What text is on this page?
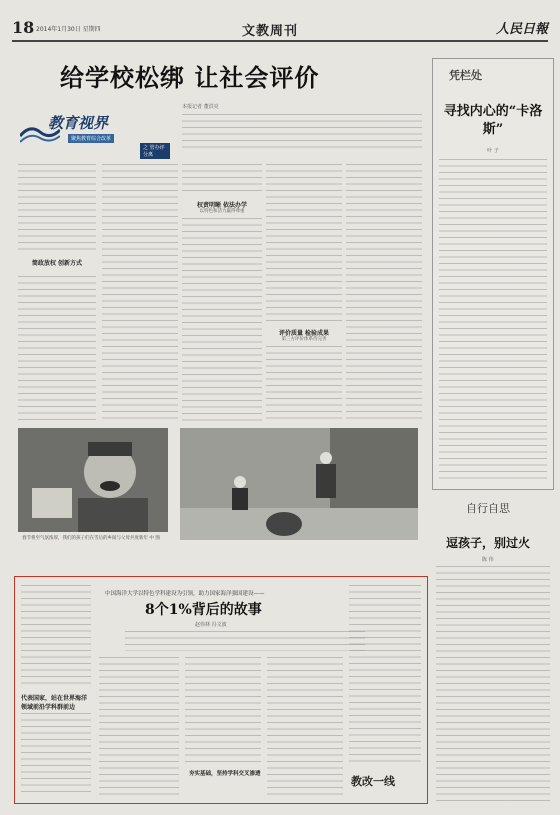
18 2014年1月30日 星期四	文教周刊	人民日報
给学校松绑 让社会评价
本报记者 董洪亮
教育视界
聚焦教育综合改革
之 管办评分离
简政放权 创新方式
权责明晰 依法办学
以特色和活力赢得尊重
评价质量 检验成果
第三方评价体系待完善
春节将至气氛浓厚，我们的孩子们在雪后的乡间与父母共度新年 中 图
中国海洋大学以特色学科建设为引领，助力国家海洋强国建设——
8个1%背后的故事
赵伟林 冯文波
代表国家，站在世界海洋领域前沿学科群前边
夯实基础，坚持学科交叉渗透
教改一线
凭栏处
寻找内心的“卡洛斯”
叶 子
自行自思
逗孩子，别过火
陈 伟
